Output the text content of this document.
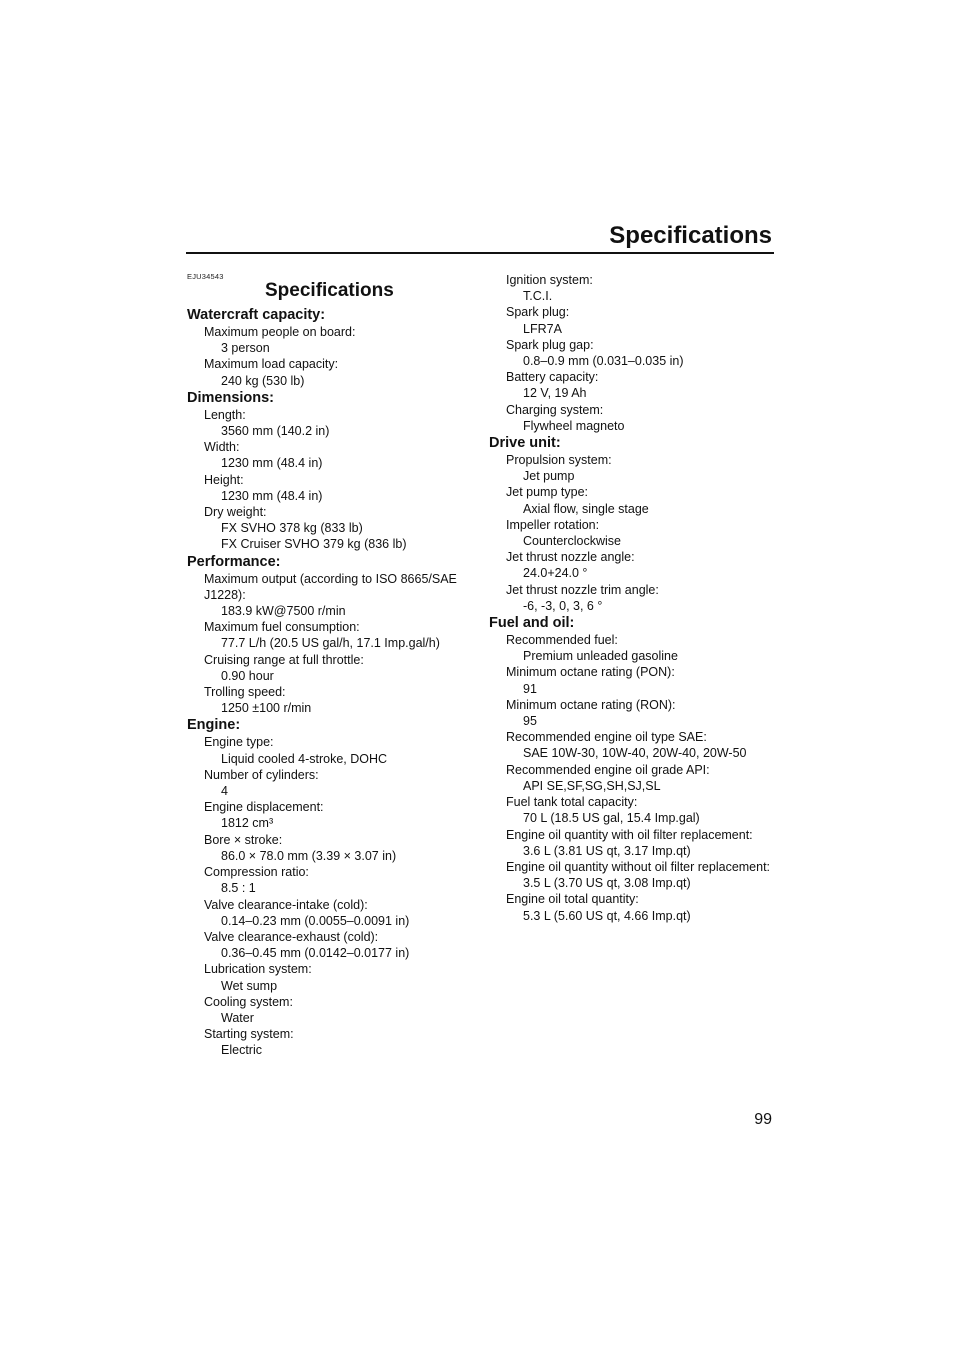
Specifications
EJU34543
Specifications
Watercraft capacity:
Maximum people on board:
3 person
Maximum load capacity:
240 kg (530 lb)
Dimensions:
Length:
3560 mm (140.2 in)
Width:
1230 mm (48.4 in)
Height:
1230 mm (48.4 in)
Dry weight:
FX SVHO 378 kg (833 lb)
FX Cruiser SVHO 379 kg (836 lb)
Performance:
Maximum output (according to ISO 8665/SAE
J1228):
183.9 kW@7500 r/min
Maximum fuel consumption:
77.7 L/h (20.5 US gal/h, 17.1 Imp.gal/h)
Cruising range at full throttle:
0.90 hour
Trolling speed:
1250 ±100 r/min
Engine:
Engine type:
Liquid cooled 4-stroke, DOHC
Number of cylinders:
4
Engine displacement:
1812 cm³
Bore × stroke:
86.0 × 78.0 mm (3.39 × 3.07 in)
Compression ratio:
8.5 : 1
Valve clearance-intake (cold):
0.14–0.23 mm (0.0055–0.0091 in)
Valve clearance-exhaust (cold):
0.36–0.45 mm (0.0142–0.0177 in)
Lubrication system:
Wet sump
Cooling system:
Water
Starting system:
Electric
Ignition system:
T.C.I.
Spark plug:
LFR7A
Spark plug gap:
0.8–0.9 mm (0.031–0.035 in)
Battery capacity:
12 V, 19 Ah
Charging system:
Flywheel magneto
Drive unit:
Propulsion system:
Jet pump
Jet pump type:
Axial flow, single stage
Impeller rotation:
Counterclockwise
Jet thrust nozzle angle:
24.0+24.0 °
Jet thrust nozzle trim angle:
-6, -3, 0, 3, 6 °
Fuel and oil:
Recommended fuel:
Premium unleaded gasoline
Minimum octane rating (PON):
91
Minimum octane rating (RON):
95
Recommended engine oil type SAE:
SAE 10W-30, 10W-40, 20W-40, 20W-50
Recommended engine oil grade API:
API SE,SF,SG,SH,SJ,SL
Fuel tank total capacity:
70 L (18.5 US gal, 15.4 Imp.gal)
Engine oil quantity with oil filter replacement:
3.6 L (3.81 US qt, 3.17 Imp.qt)
Engine oil quantity without oil filter replacement:
3.5 L (3.70 US qt, 3.08 Imp.qt)
Engine oil total quantity:
5.3 L (5.60 US qt, 4.66 Imp.qt)
99
